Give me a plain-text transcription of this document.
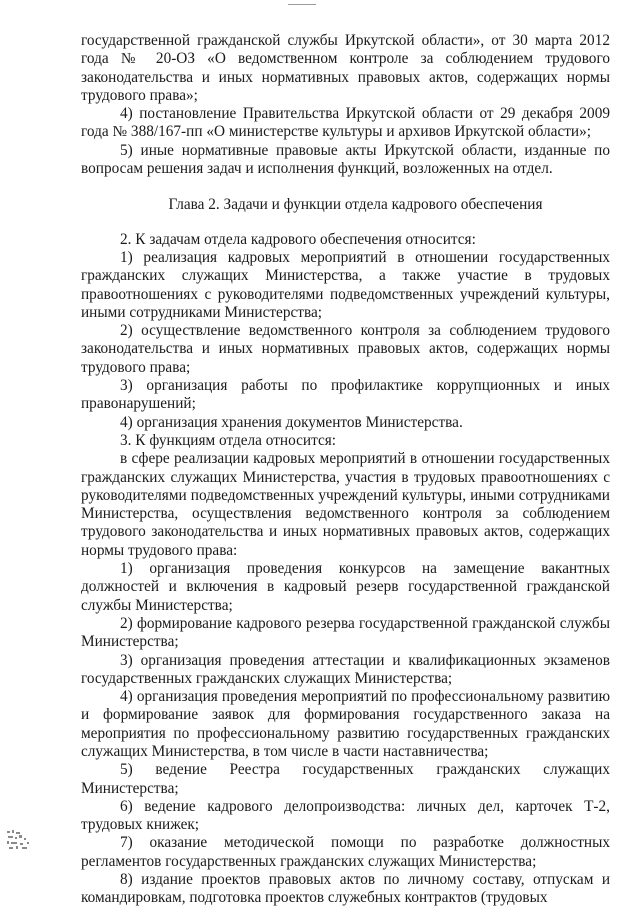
государственной гражданской службы Иркутской области», от 30 марта 2012 года № 20-ОЗ «О ведомственном контроле за соблюдением трудового законодательства и иных нормативных правовых актов, содержащих нормы трудового права»;

4) постановление Правительства Иркутской области от 29 декабря 2009 года № 388/167-пп «О министерстве культуры и архивов Иркутской области»;

5) иные нормативные правовые акты Иркутской области, изданные по вопросам решения задач и исполнения функций, возложенных на отдел.

Глава 2. Задачи и функции отдела кадрового обеспечения

2. К задачам отдела кадрового обеспечения относится:

1) реализация кадровых мероприятий в отношении государственных гражданских служащих Министерства, а также участие в трудовых правоотношениях с руководителями подведомственных учреждений культуры, иными сотрудниками Министерства;

2) осуществление ведомственного контроля за соблюдением трудового законодательства и иных нормативных правовых актов, содержащих нормы трудового права;

3) организация работы по профилактике коррупционных и иных правонарушений;

4) организация хранения документов Министерства.

3. К функциям отдела относится:

в сфере реализации кадровых мероприятий в отношении государственных гражданских служащих Министерства, участия в трудовых правоотношениях с руководителями подведомственных учреждений культуры, иными сотрудниками Министерства, осуществления ведомственного контроля за соблюдением трудового законодательства и иных нормативных правовых актов, содержащих нормы трудового права:

1) организация проведения конкурсов на замещение вакантных должностей и включения в кадровый резерв государственной гражданской службы Министерства;

2) формирование кадрового резерва государственной гражданской службы Министерства;

3) организация проведения аттестации и квалификационных экзаменов государственных гражданских служащих Министерства;

4) организация проведения мероприятий по профессиональному развитию и формирование заявок для формирования государственного заказа на мероприятия по профессиональному развитию государственных гражданских служащих Министерства, в том числе в части наставничества;

5) ведение Реестра государственных гражданских служащих Министерства;

6) ведение кадрового делопроизводства: личных дел, карточек Т-2, трудовых книжек;

7) оказание методической помощи по разработке должностных регламентов государственных гражданских служащих Министерства;

8) издание проектов правовых актов по личному составу, отпускам и командировкам, подготовка проектов служебных контрактов (трудовых
